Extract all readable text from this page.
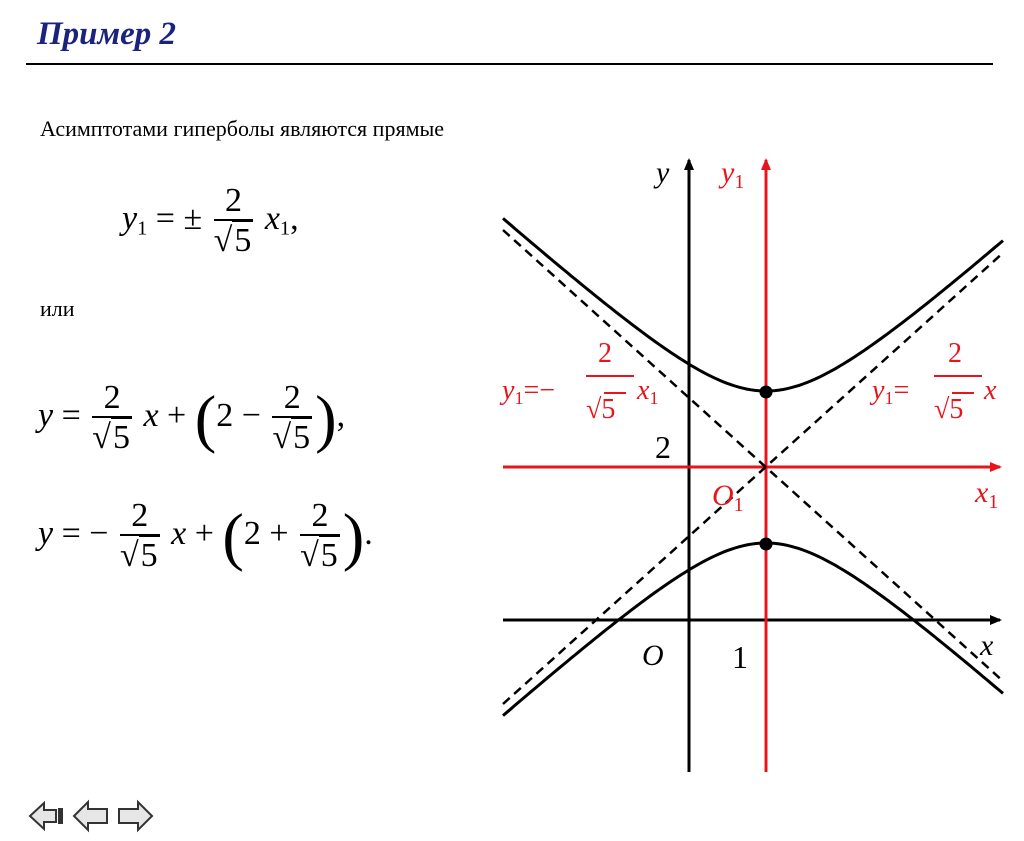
Пример 2
Асимптотами гиперболы являются прямые
или
$y_1$ = ± $\frac{2}{√5} x_1$,
$y = \frac{2}{√5}$ $x + (2 - \frac{2}{√5}$ ),
y = − $\frac{2}{√5}$ $x + (2 + \frac{2}{√5}$ ).
y
x
O 1
2
$y_1$
$x_1$
$O_1$
y1=−
2
√5
x1	y1=
2
√5
x
